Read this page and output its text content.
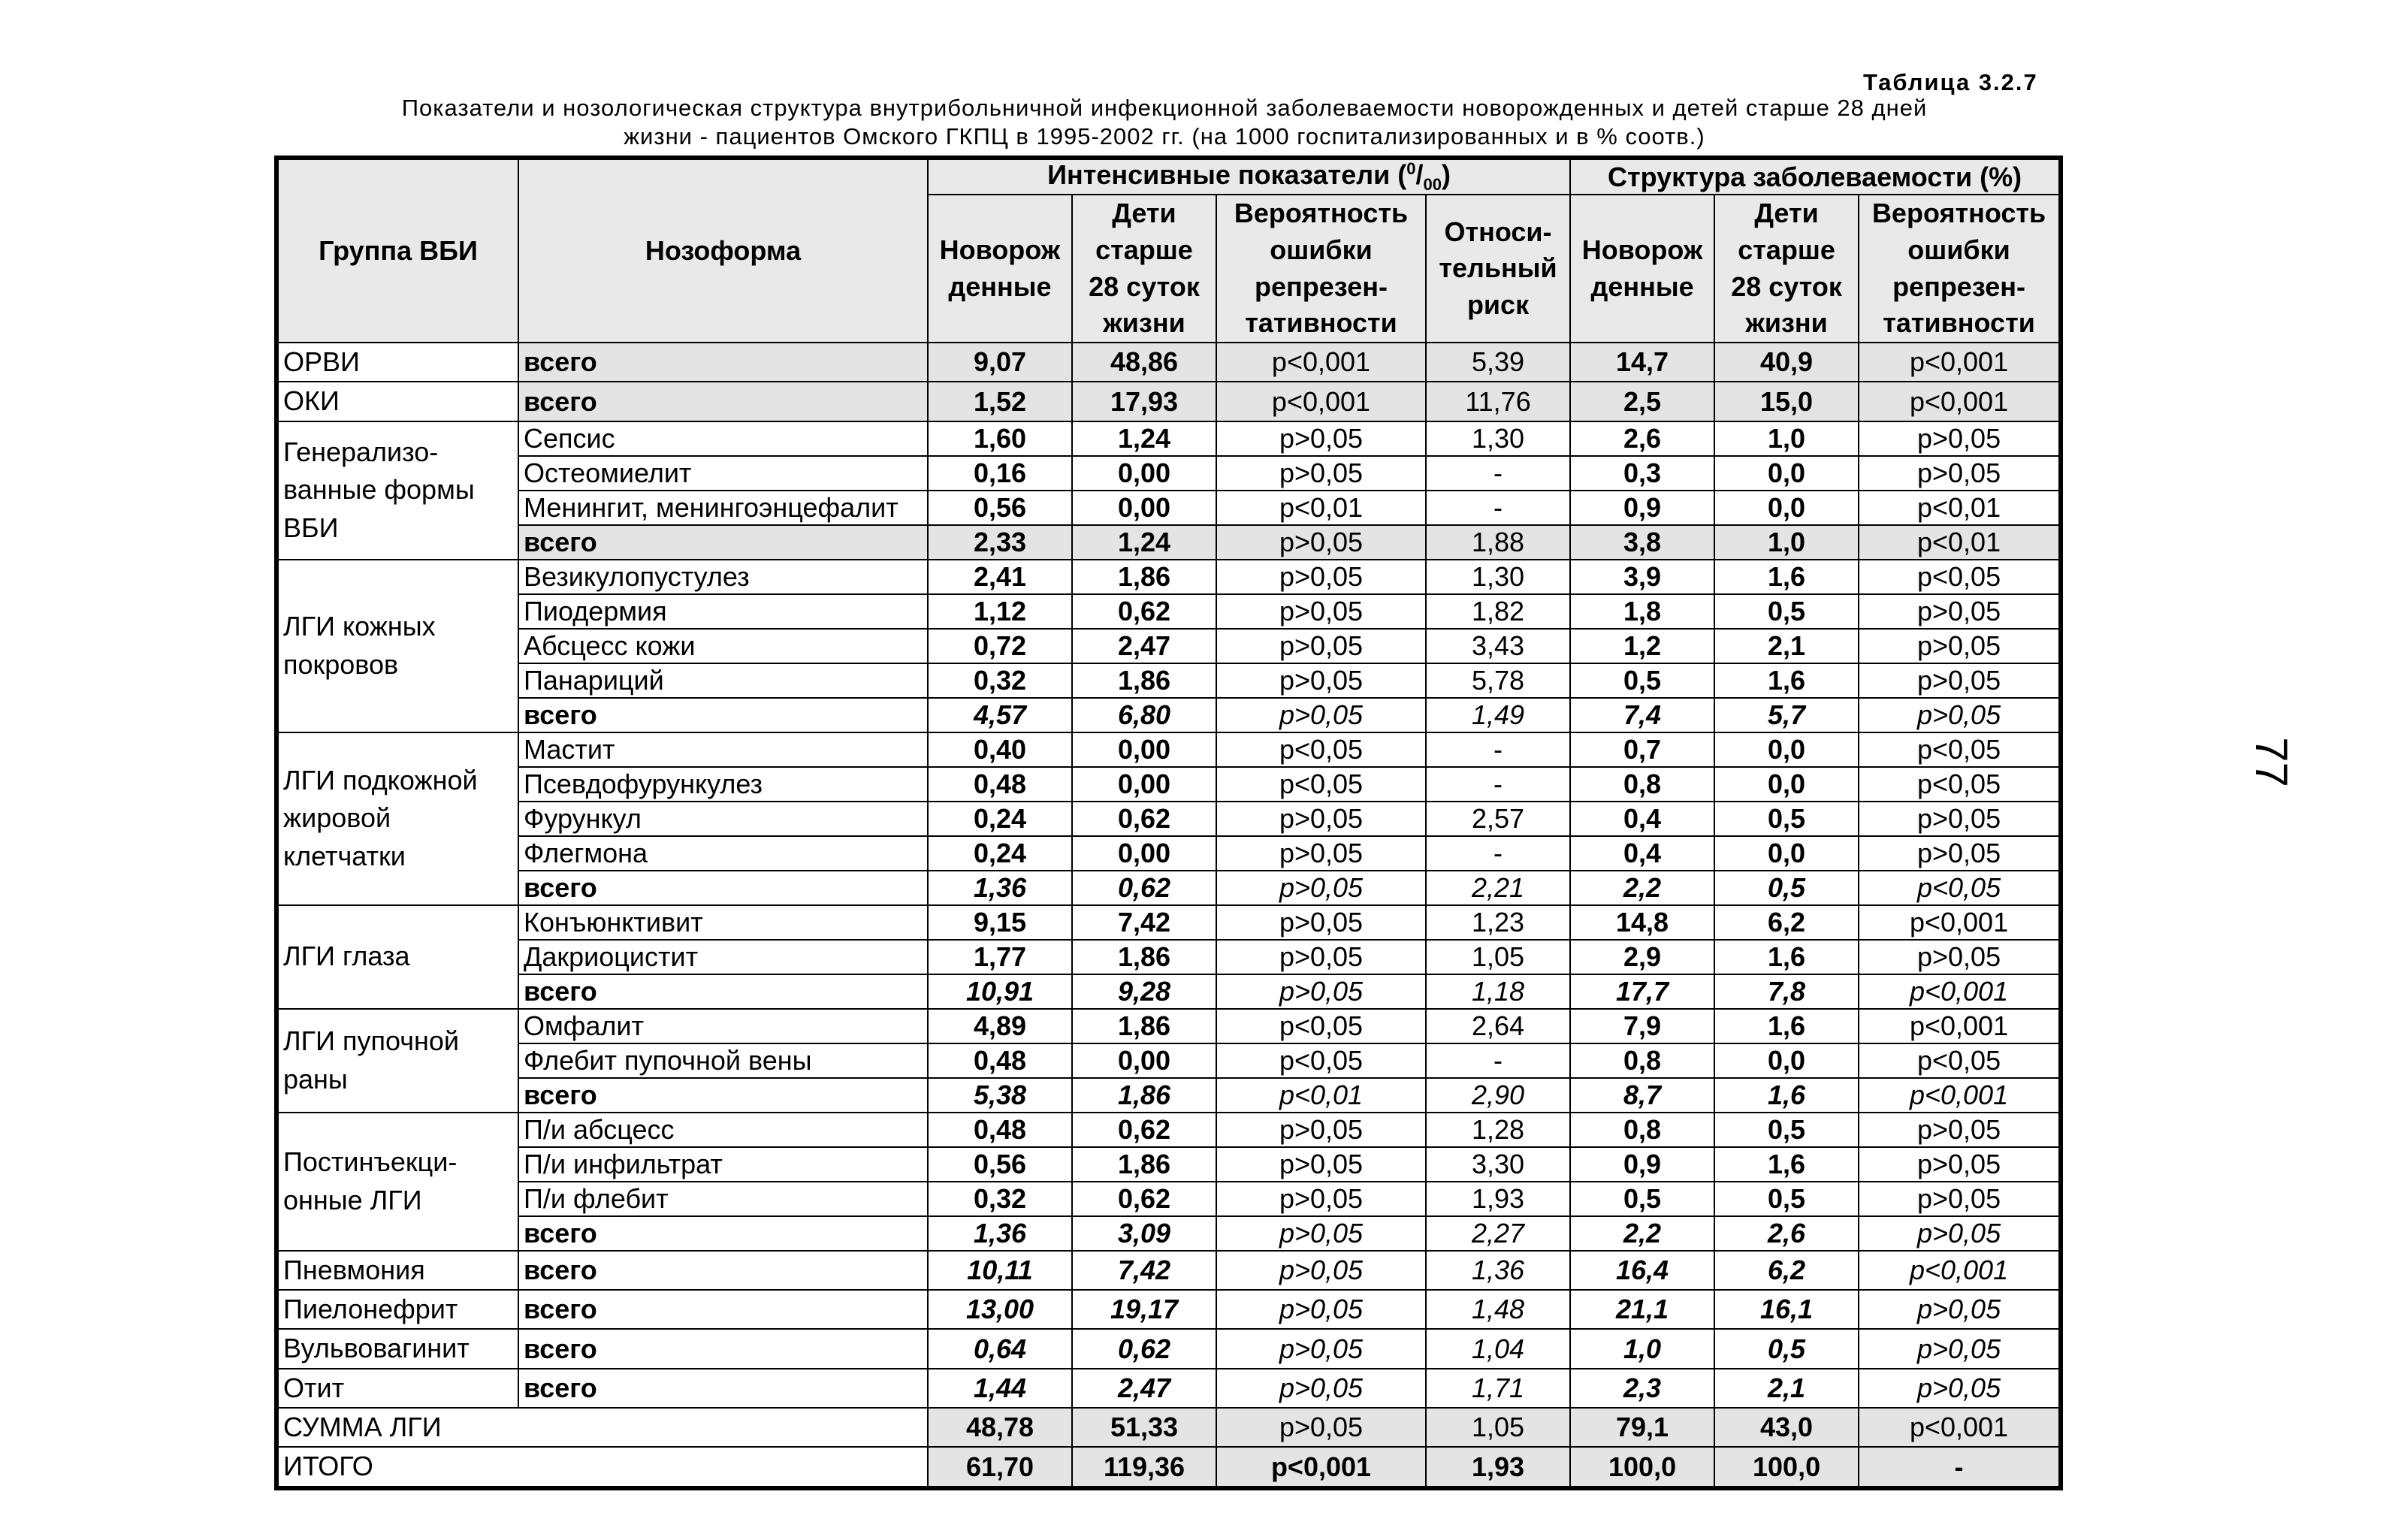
Таблица 3.2.7
Показатели и нозологическая структура внутрибольничной инфекционной заболеваемости новорожденных и детей старше 28 дней
жизни - пациентов Омского ГКПЦ в 1995-2002 гг. (на 1000 госпитализированных и в % соотв.)
77
Группа ВБИ	Нозоформа	Интенсивные показатели $(^0/_{00})$				Структура заболеваемости (%)		
		Новорож денные	Дети старше 28 суток жизни	Вероятность ошибки репрезен- тативности	Относи- тельный риск	Новорож денные	Дети старше 28 суток жизни	Вероятность ошибки репрезен- тативности
ОРВИ	всего	9,07	48,86	p<0,001	5,39	14,7	40,9	p<0,001
ОКИ	всего	1,52	17,93	p<0,001	11,76	2,5	15,0	p<0,001
Генерализо- ванные формы ВБИ	Сепсис	1,60	1,24	p>0,05	1,30	2,6	1,0	p>0,05
	Остеомиелит	0,16	0,00	p>0,05	-	0,3	0,0	p>0,05
	Менингит, менингоэнцефалит	0,56	0,00	p<0,01	-	0,9	0,0	p<0,01
	всего	2,33	1,24	p>0,05	1,88	3,8	1,0	p<0,01
ЛГИ кожных покровов	Везикулопустулез	2,41	1,86	p>0,05	1,30	3,9	1,6	p<0,05
	Пиодермия	1,12	0,62	p>0,05	1,82	1,8	0,5	p>0,05
	Абсцесс кожи	0,72	2,47	p>0,05	3,43	1,2	2,1	p>0,05
	Панариций	0,32	1,86	p>0,05	5,78	0,5	1,6	p>0,05
	всего	4,57	6,80	p>0,05	1,49	7,4	5,7	p>0,05
ЛГИ подкожной жировой клетчатки	Мастит	0,40	0,00	p<0,05	-	0,7	0,0	p<0,05
	Псевдофурункулез	0,48	0,00	p<0,05	-	0,8	0,0	p<0,05
	Фурункул	0,24	0,62	p>0,05	2,57	0,4	0,5	p>0,05
	Флегмона	0,24	0,00	p>0,05	-	0,4	0,0	p>0,05
	всего	1,36	0,62	p>0,05	2,21	2,2	0,5	p<0,05
ЛГИ глаза	Конъюнктивит	9,15	7,42	p>0,05	1,23	14,8	6,2	p<0,001
	Дакриоцистит	1,77	1,86	p>0,05	1,05	2,9	1,6	p>0,05
	всего	10,91	9,28	p>0,05	1,18	17,7	7,8	p<0,001
ЛГИ пупочной раны	Омфалит	4,89	1,86	p<0,05	2,64	7,9	1,6	p<0,001
	Флебит пупочной вены	0,48	0,00	p<0,05	-	0,8	0,0	p<0,05
	всего	5,38	1,86	p<0,01	2,90	8,7	1,6	p<0,001
Постинъекци- онные ЛГИ	П/и абсцесс	0,48	0,62	p>0,05	1,28	0,8	0,5	p>0,05
	П/и инфильтрат	0,56	1,86	p>0,05	3,30	0,9	1,6	p>0,05
	П/и флебит	0,32	0,62	p>0,05	1,93	0,5	0,5	p>0,05
	всего	1,36	3,09	p>0,05	2,27	2,2	2,6	p>0,05
Пневмония	всего	10,11	7,42	p>0,05	1,36	16,4	6,2	p<0,001
Пиелонефрит	всего	13,00	19,17	p>0,05	1,48	21,1	16,1	p>0,05
Вульвовагинит	всего	0,64	0,62	p>0,05	1,04	1,0	0,5	p>0,05
Отит	всего	1,44	2,47	p>0,05	1,71	2,3	2,1	p>0,05
СУММА ЛГИ		48,78	51,33	p>0,05	1,05	79,1	43,0	p<0,001
ИТОГО		61,70	119,36	p<0,001	1,93	100,0	100,0	-
